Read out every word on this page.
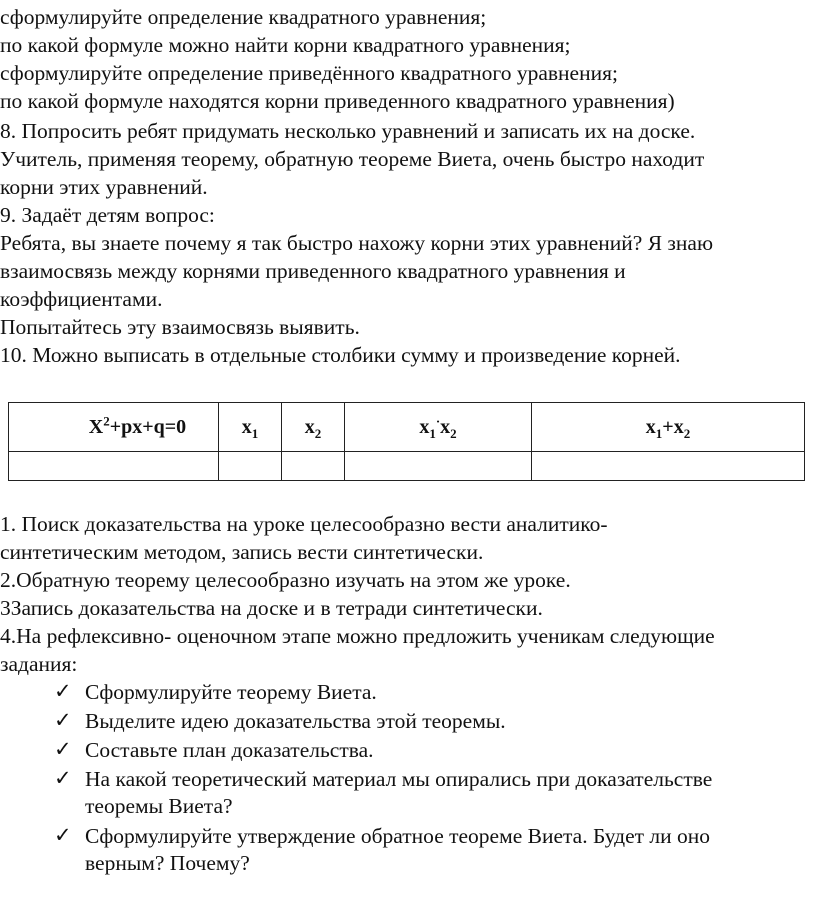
сформулируйте определение квадратного уравнения;
по какой формуле можно найти корни квадратного уравнения;
сформулируйте определение приведённого квадратного уравнения;
по какой формуле находятся корни приведенного квадратного уравнения)
8. Попросить ребят придумать несколько уравнений и записать их на доске.
Учитель, применяя теорему, обратную теореме Виета, очень быстро находит
корни этих уравнений.
9. Задаёт детям вопрос:
Ребята, вы знаете почему я так быстро нахожу корни этих уравнений? Я знаю
взаимосвязь между корнями приведенного квадратного уравнения и
коэффициентами.
Попытайтесь эту взаимосвязь выявить.
10. Можно выписать в отдельные столбики сумму и произведение корней.
$X^2+px+q=0$	$x_1$	$x_2$	$x_1^\cdot x_2$	$x_1+x_2$

1. Поиск доказательства на уроке целесообразно вести аналитико-
синтетическим методом, запись вести синтетически.
2.Обратную теорему целесообразно изучать на этом же уроке.
3Запись доказательства на доске и в тетради синтетически.
4.На рефлексивно- оценочном этапе можно предложить ученикам следующие
задания:
✓ Сформулируйте теорему Виета.
✓ Выделите идею доказательства этой теоремы.
✓ Составьте план доказательства.
✓ На какой теоретический материал мы опирались при доказательстве
теоремы Виета?
✓ Сформулируйте утверждение обратное теореме Виета. Будет ли оно
верным? Почему?
